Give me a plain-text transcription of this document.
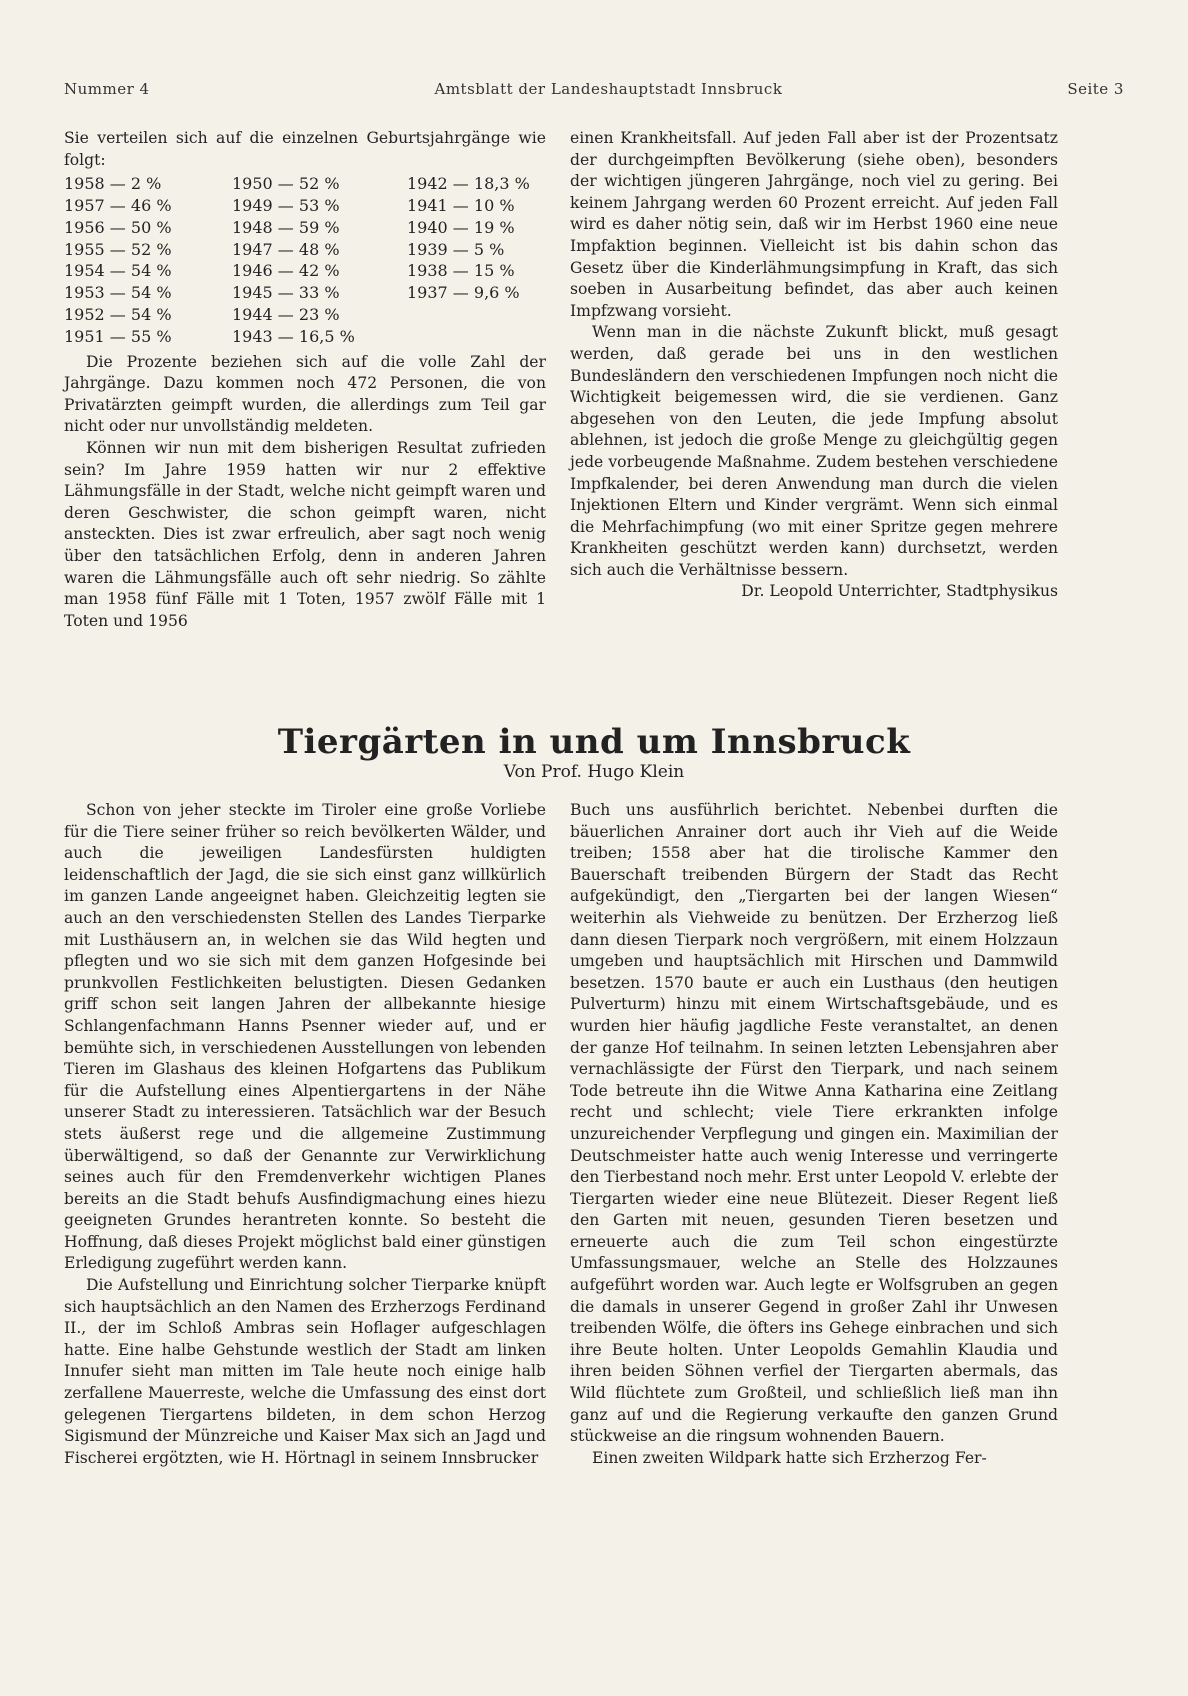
Nummer 4	Amtsblatt der Landeshauptstadt Innsbruck	Seite 3

Sie verteilen sich auf die einzelnen Geburtsjahrgänge wie folgt:

1958 — 2 %	1950 — 52 %	1942 — 18,3 %
1957 — 46 %	1949 — 53 %	1941 — 10 %
1956 — 50 %	1948 — 59 %	1940 — 19 %
1955 — 52 %	1947 — 48 %	1939 — 5 %
1954 — 54 %	1946 — 42 %	1938 — 15 %
1953 — 54 %	1945 — 33 %	1937 — 9,6 %
1952 — 54 %	1944 — 23 %
1951 — 55 %	1943 — 16,5 %

Die Prozente beziehen sich auf die volle Zahl der Jahrgänge. Dazu kommen noch 472 Personen, die von Privatärzten geimpft wurden, die allerdings zum Teil gar nicht oder nur unvollständig meldeten.

Können wir nun mit dem bisherigen Resultat zufrieden sein? Im Jahre 1959 hatten wir nur 2 effektive Lähmungsfälle in der Stadt, welche nicht geimpft waren und deren Geschwister, die schon geimpft waren, nicht ansteckten. Dies ist zwar erfreulich, aber sagt noch wenig über den tatsächlichen Erfolg, denn in anderen Jahren waren die Lähmungsfälle auch oft sehr niedrig. So zählte man 1958 fünf Fälle mit 1 Toten, 1957 zwölf Fälle mit 1 Toten und 1956

einen Krankheitsfall. Auf jeden Fall aber ist der Prozentsatz der durchgeimpften Bevölkerung (siehe oben), besonders der wichtigen jüngeren Jahrgänge, noch viel zu gering. Bei keinem Jahrgang werden 60 Prozent erreicht. Auf jeden Fall wird es daher nötig sein, daß wir im Herbst 1960 eine neue Impfaktion beginnen. Vielleicht ist bis dahin schon das Gesetz über die Kinderlähmungsimpfung in Kraft, das sich soeben in Ausarbeitung befindet, das aber auch keinen Impfzwang vorsieht.

Wenn man in die nächste Zukunft blickt, muß gesagt werden, daß gerade bei uns in den westlichen Bundesländern den verschiedenen Impfungen noch nicht die Wichtigkeit beigemessen wird, die sie verdienen. Ganz abgesehen von den Leuten, die jede Impfung absolut ablehnen, ist jedoch die große Menge zu gleichgültig gegen jede vorbeugende Maßnahme. Zudem bestehen verschiedene Impfkalender, bei deren Anwendung man durch die vielen Injektionen Eltern und Kinder vergrämt. Wenn sich einmal die Mehrfachimpfung (wo mit einer Spritze gegen mehrere Krankheiten geschützt werden kann) durchsetzt, werden sich auch die Verhältnisse bessern.

Dr. Leopold Unterrichter, Stadtphysikus

Tiergärten in und um Innsbruck
Von Prof. Hugo Klein

Schon von jeher steckte im Tiroler eine große Vorliebe für die Tiere seiner früher so reich bevölkerten Wälder, und auch die jeweiligen Landesfürsten huldigten leidenschaftlich der Jagd, die sie sich einst ganz willkürlich im ganzen Lande angeeignet haben. Gleichzeitig legten sie auch an den verschiedensten Stellen des Landes Tierparke mit Lusthäusern an, in welchen sie das Wild hegten und pflegten und wo sie sich mit dem ganzen Hofgesinde bei prunkvollen Festlichkeiten belustigten. Diesen Gedanken griff schon seit langen Jahren der allbekannte hiesige Schlangenfachmann Hanns Psenner wieder auf, und er bemühte sich, in verschiedenen Ausstellungen von lebenden Tieren im Glashaus des kleinen Hofgartens das Publikum für die Aufstellung eines Alpentiergartens in der Nähe unserer Stadt zu interessieren. Tatsächlich war der Besuch stets äußerst rege und die allgemeine Zustimmung überwältigend, so daß der Genannte zur Verwirklichung seines auch für den Fremdenverkehr wichtigen Planes bereits an die Stadt behufs Ausfindigmachung eines hiezu geeigneten Grundes herantreten konnte. So besteht die Hoffnung, daß dieses Projekt möglichst bald einer günstigen Erledigung zugeführt werden kann.

Die Aufstellung und Einrichtung solcher Tierparke knüpft sich hauptsächlich an den Namen des Erzherzogs Ferdinand II., der im Schloß Ambras sein Hoflager aufgeschlagen hatte. Eine halbe Gehstunde westlich der Stadt am linken Innufer sieht man mitten im Tale heute noch einige halb zerfallene Mauerreste, welche die Umfassung des einst dort gelegenen Tiergartens bildeten, in dem schon Herzog Sigismund der Münzreiche und Kaiser Max sich an Jagd und Fischerei ergötzten, wie H. Hörtnagl in seinem Innsbrucker

Buch uns ausführlich berichtet. Nebenbei durften die bäuerlichen Anrainer dort auch ihr Vieh auf die Weide treiben; 1558 aber hat die tirolische Kammer den Bauerschaft treibenden Bürgern der Stadt das Recht aufgekündigt, den „Tiergarten bei der langen Wiesen“ weiterhin als Viehweide zu benützen. Der Erzherzog ließ dann diesen Tierpark noch vergrößern, mit einem Holzzaun umgeben und hauptsächlich mit Hirschen und Dammwild besetzen. 1570 baute er auch ein Lusthaus (den heutigen Pulverturm) hinzu mit einem Wirtschaftsgebäude, und es wurden hier häufig jagdliche Feste veranstaltet, an denen der ganze Hof teilnahm. In seinen letzten Lebensjahren aber vernachlässigte der Fürst den Tierpark, und nach seinem Tode betreute ihn die Witwe Anna Katharina eine Zeitlang recht und schlecht; viele Tiere erkrankten infolge unzureichender Verpflegung und gingen ein. Maximilian der Deutschmeister hatte auch wenig Interesse und verringerte den Tierbestand noch mehr. Erst unter Leopold V. erlebte der Tiergarten wieder eine neue Blütezeit. Dieser Regent ließ den Garten mit neuen, gesunden Tieren besetzen und erneuerte auch die zum Teil schon eingestürzte Umfassungsmauer, welche an Stelle des Holzzaunes aufgeführt worden war. Auch legte er Wolfsgruben an gegen die damals in unserer Gegend in großer Zahl ihr Unwesen treibenden Wölfe, die öfters ins Gehege einbrachen und sich ihre Beute holten. Unter Leopolds Gemahlin Klaudia und ihren beiden Söhnen verfiel der Tiergarten abermals, das Wild flüchtete zum Großteil, und schließlich ließ man ihn ganz auf und die Regierung verkaufte den ganzen Grund stückweise an die ringsum wohnenden Bauern.

Einen zweiten Wildpark hatte sich Erzherzog Fer-
